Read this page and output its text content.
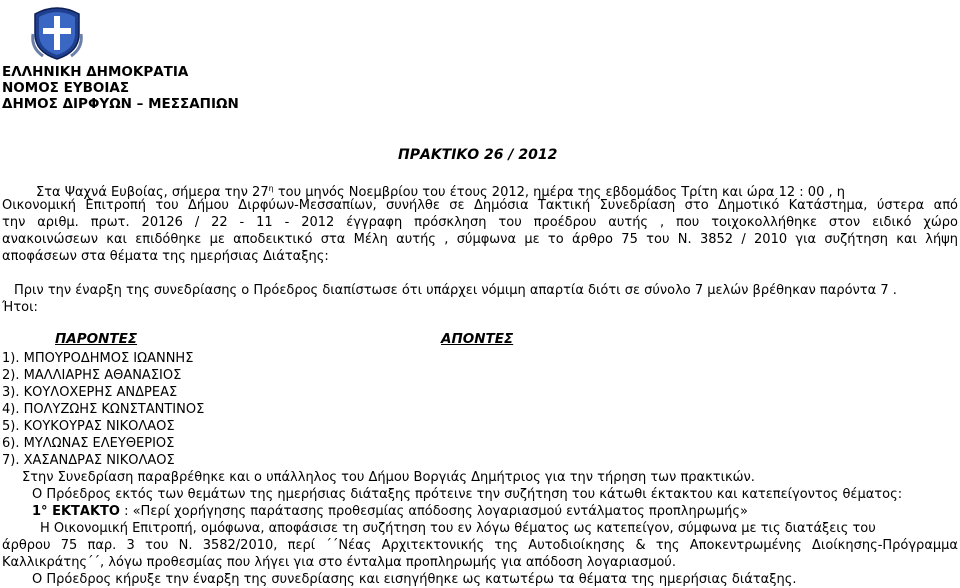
ΕΛΛΗΝΙΚΗ ΔΗΜΟΚΡΑΤΙΑ
ΝΟΜΟΣ ΕΥΒΟΙΑΣ
ΔΗΜΟΣ ΔΙΡΦΥΩΝ – ΜΕΣΣΑΠΙΩΝ
ΠΡΑΚΤΙΚΟ 26 / 2012
Στα Ψαχνά Ευβοίας, σήμερα την $27^\eta$ του μηνός Νοεμβρίου του έτους 2012, ημέρα της εβδομάδος Τρίτη και ώρα 12 : 00 , η
Οικονομική Επιτροπή του Δήμου Διρφύων-Μεσσαπίων, συνήλθε σε Δημόσια Τακτική Συνεδρίαση στο Δημοτικό Κατάστημα, ύστερα από
την αριθμ. πρωτ. 20126 / 22 - 11 - 2012 έγγραφη πρόσκληση του προέδρου αυτής , που τοιχοκολλήθηκε στον ειδικό χώρο
ανακοινώσεων και επιδόθηκε με αποδεικτικό στα Μέλη αυτής , σύμφωνα με το άρθρο 75 του Ν. 3852 / 2010 για συζήτηση και λήψη
αποφάσεων στα θέματα της ημερήσιας Διάταξης:
Πριν την έναρξη της συνεδρίασης ο Πρόεδρος διαπίστωσε ότι υπάρχει νόμιμη απαρτία διότι σε σύνολο 7 μελών βρέθηκαν παρόντα 7 .
Ήτοι:
ΠΑΡΟΝΤΕΣ	ΑΠΟΝΤΕΣ
1). ΜΠΟΥΡΟΔΗΜΟΣ ΙΩΑΝΝΗΣ
2). ΜΑΛΛΙΑΡΗΣ ΑΘΑΝΑΣΙΟΣ
3). ΚΟΥΛΟΧΕΡΗΣ ΑΝΔΡΕΑΣ
4). ΠΟΛΥΖΩΗΣ ΚΩΝΣΤΑΝΤΙΝΟΣ
5). ΚΟΥΚΟΥΡΑΣ ΝΙΚΟΛΑΟΣ
6). ΜΥΛΩΝΑΣ ΕΛΕΥΘΕΡΙΟΣ
7). ΧΑΣΑΝΔΡΑΣ ΝΙΚΟΛΑΟΣ
Στην Συνεδρίαση παραβρέθηκε και ο υπάλληλος του Δήμου Βοργιάς Δημήτριος για την τήρηση των πρακτικών.
Ο Πρόεδρος εκτός των θεμάτων της ημερήσιας διάταξης πρότεινε την συζήτηση του κάτωθι έκτακτου και κατεπείγοντος θέματος:
1° ΕΚΤΑΚΤΟ : «Περί χορήγησης παράτασης προθεσμίας απόδοσης λογαριασμού εντάλματος προπληρωμής»
Η Οικονομική Επιτροπή, ομόφωνα, αποφάσισε τη συζήτηση του εν λόγω θέματος ως κατεπείγον, σύμφωνα με τις διατάξεις του
άρθρου 75 παρ. 3 του Ν. 3582/2010, περί ΄΄Νέας Αρχιτεκτονικής της Αυτοδιοίκησης & της Αποκεντρωμένης Διοίκησης-Πρόγραμμα
Καλλικράτης΄΄, λόγω προθεσμίας που λήγει για στο ένταλμα προπληρωμής για απόδοση λογαριασμού.
Ο Πρόεδρος κήρυξε την έναρξη της συνεδρίασης και εισηγήθηκε ως κατωτέρω τα θέματα της ημερήσιας διάταξης.
